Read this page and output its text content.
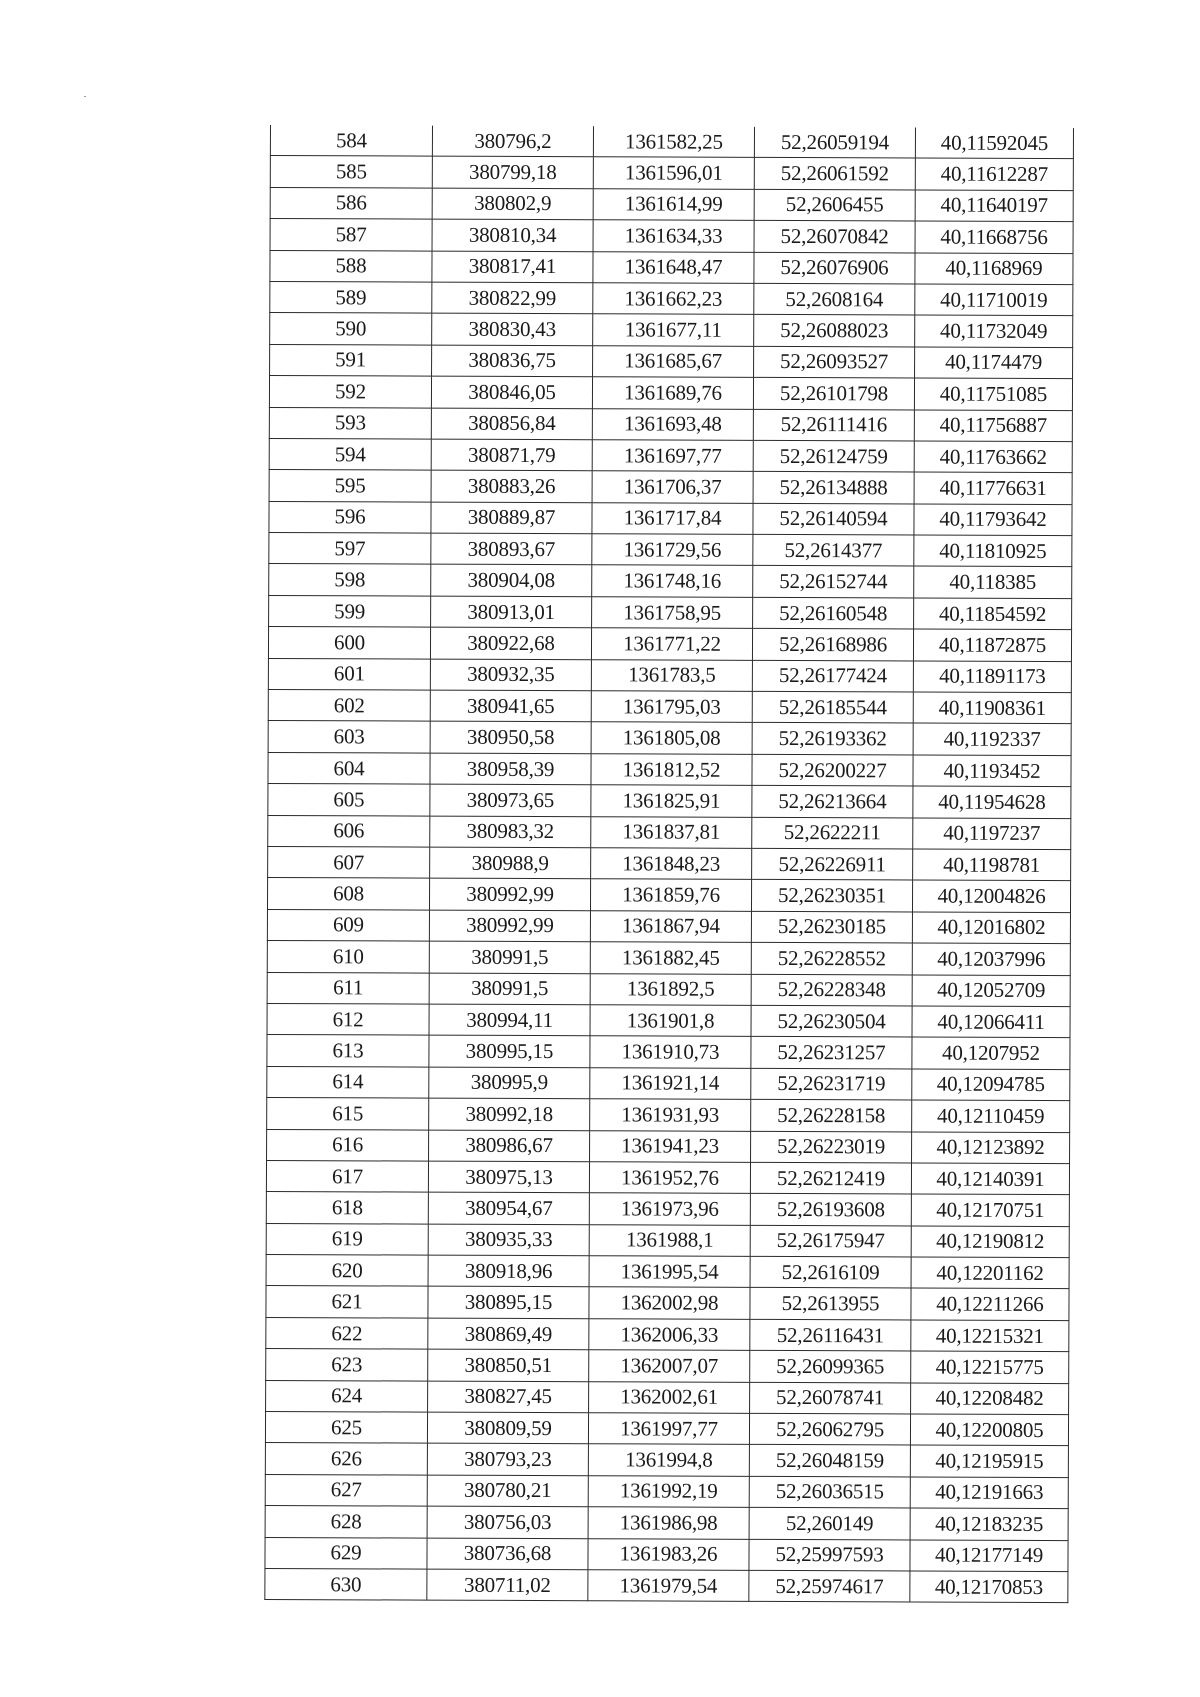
584	380796,2	1361582,25	52,26059194	40,11592045
585	380799,18	1361596,01	52,26061592	40,11612287
586	380802,9	1361614,99	52,2606455	40,11640197
587	380810,34	1361634,33	52,26070842	40,11668756
588	380817,41	1361648,47	52,26076906	40,1168969
589	380822,99	1361662,23	52,2608164	40,11710019
590	380830,43	1361677,11	52,26088023	40,11732049
591	380836,75	1361685,67	52,26093527	40,1174479
592	380846,05	1361689,76	52,26101798	40,11751085
593	380856,84	1361693,48	52,26111416	40,11756887
594	380871,79	1361697,77	52,26124759	40,11763662
595	380883,26	1361706,37	52,26134888	40,11776631
596	380889,87	1361717,84	52,26140594	40,11793642
597	380893,67	1361729,56	52,2614377	40,11810925
598	380904,08	1361748,16	52,26152744	40,118385
599	380913,01	1361758,95	52,26160548	40,11854592
600	380922,68	1361771,22	52,26168986	40,11872875
601	380932,35	1361783,5	52,26177424	40,11891173
602	380941,65	1361795,03	52,26185544	40,11908361
603	380950,58	1361805,08	52,26193362	40,1192337
604	380958,39	1361812,52	52,26200227	40,1193452
605	380973,65	1361825,91	52,26213664	40,11954628
606	380983,32	1361837,81	52,2622211	40,1197237
607	380988,9	1361848,23	52,26226911	40,1198781
608	380992,99	1361859,76	52,26230351	40,12004826
609	380992,99	1361867,94	52,26230185	40,12016802
610	380991,5	1361882,45	52,26228552	40,12037996
611	380991,5	1361892,5	52,26228348	40,12052709
612	380994,11	1361901,8	52,26230504	40,12066411
613	380995,15	1361910,73	52,26231257	40,1207952
614	380995,9	1361921,14	52,26231719	40,12094785
615	380992,18	1361931,93	52,26228158	40,12110459
616	380986,67	1361941,23	52,26223019	40,12123892
617	380975,13	1361952,76	52,26212419	40,12140391
618	380954,67	1361973,96	52,26193608	40,12170751
619	380935,33	1361988,1	52,26175947	40,12190812
620	380918,96	1361995,54	52,2616109	40,12201162
621	380895,15	1362002,98	52,2613955	40,12211266
622	380869,49	1362006,33	52,26116431	40,12215321
623	380850,51	1362007,07	52,26099365	40,12215775
624	380827,45	1362002,61	52,26078741	40,12208482
625	380809,59	1361997,77	52,26062795	40,12200805
626	380793,23	1361994,8	52,26048159	40,12195915
627	380780,21	1361992,19	52,26036515	40,12191663
628	380756,03	1361986,98	52,260149	40,12183235
629	380736,68	1361983,26	52,25997593	40,12177149
630	380711,02	1361979,54	52,25974617	40,12170853
